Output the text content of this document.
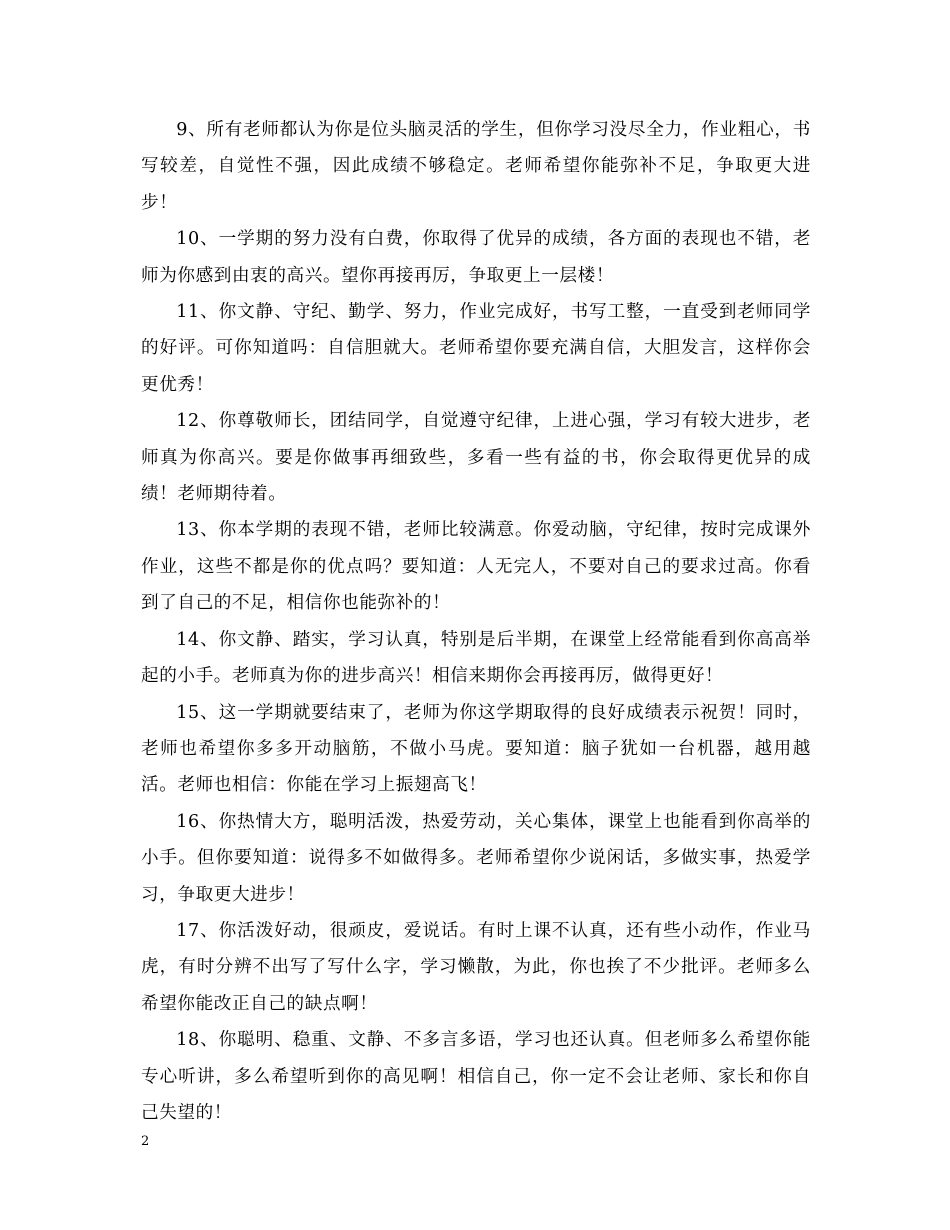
9、所有老师都认为你是位头脑灵活的学生，但你学习没尽全力，作业粗心，书写较差，自觉性不强，因此成绩不够稳定。老师希望你能弥补不足，争取更大进步！

10、一学期的努力没有白费，你取得了优异的成绩，各方面的表现也不错，老师为你感到由衷的高兴。望你再接再厉，争取更上一层楼！

11、你文静、守纪、勤学、努力，作业完成好，书写工整，一直受到老师同学的好评。可你知道吗：自信胆就大。老师希望你要充满自信，大胆发言，这样你会更优秀！

12、你尊敬师长，团结同学，自觉遵守纪律，上进心强，学习有较大进步，老师真为你高兴。要是你做事再细致些，多看一些有益的书，你会取得更优异的成绩！老师期待着。

13、你本学期的表现不错，老师比较满意。你爱动脑，守纪律，按时完成课外作业，这些不都是你的优点吗？要知道：人无完人，不要对自己的要求过高。你看到了自己的不足，相信你也能弥补的！

14、你文静、踏实，学习认真，特别是后半期，在课堂上经常能看到你高高举起的小手。老师真为你的进步高兴！相信来期你会再接再厉，做得更好！

15、这一学期就要结束了，老师为你这学期取得的良好成绩表示祝贺！同时，老师也希望你多多开动脑筋，不做小马虎。要知道：脑子犹如一台机器，越用越活。老师也相信：你能在学习上振翅高飞！

16、你热情大方，聪明活泼，热爱劳动，关心集体，课堂上也能看到你高举的小手。但你要知道：说得多不如做得多。老师希望你少说闲话，多做实事，热爱学习，争取更大进步！

17、你活泼好动，很顽皮，爱说话。有时上课不认真，还有些小动作，作业马虎，有时分辨不出写了写什么字，学习懒散，为此，你也挨了不少批评。老师多么希望你能改正自己的缺点啊！

18、你聪明、稳重、文静、不多言多语，学习也还认真。但老师多么希望你能专心听讲，多么希望听到你的高见啊！相信自己，你一定不会让老师、家长和你自己失望的！

2
